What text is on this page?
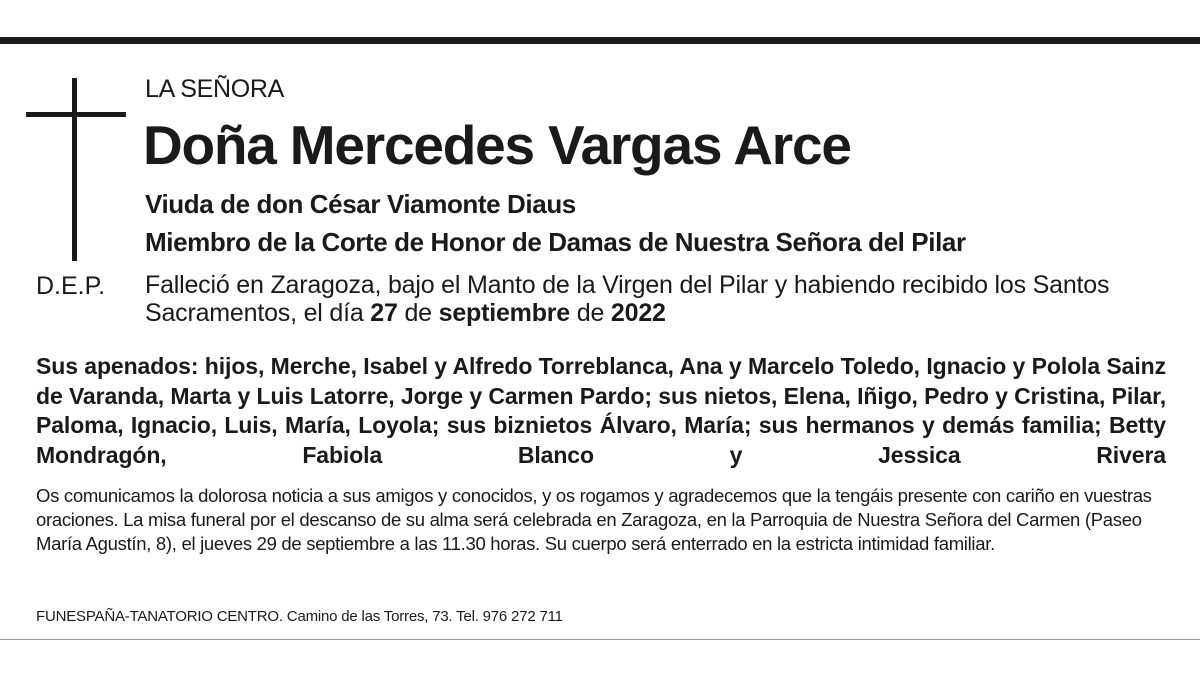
LA SEÑORA
Doña Mercedes Vargas Arce
Viuda de don César Viamonte Diaus
Miembro de la Corte de Honor de Damas de Nuestra Señora del Pilar
D.E.P. Falleció en Zaragoza, bajo el Manto de la Virgen del Pilar y habiendo recibido los Santos Sacramentos, el día 27 de septiembre de 2022
Sus apenados: hijos, Merche, Isabel y Alfredo Torreblanca, Ana y Marcelo Toledo, Ignacio y Polola Sainz de Varanda, Marta y Luis Latorre, Jorge y Carmen Pardo; sus nietos, Elena, Iñigo, Pedro y Cristina, Pilar, Paloma, Ignacio, Luis, María, Loyola; sus biznietos Álvaro, María; sus hermanos y demás familia; Betty Mondragón, Fabiola Blanco y Jessica Rivera
Os comunicamos la dolorosa noticia a sus amigos y conocidos, y os rogamos y agradecemos que la tengáis presente con cariño en vuestras oraciones. La misa funeral por el descanso de su alma será celebrada en Zaragoza, en la Parroquia de Nuestra Señora del Carmen (Paseo María Agustín, 8), el jueves 29 de septiembre a las 11.30 horas. Su cuerpo será enterrado en la estricta intimidad familiar.
FUNESPAÑA-TANATORIO CENTRO. Camino de las Torres, 73. Tel. 976 272 711
